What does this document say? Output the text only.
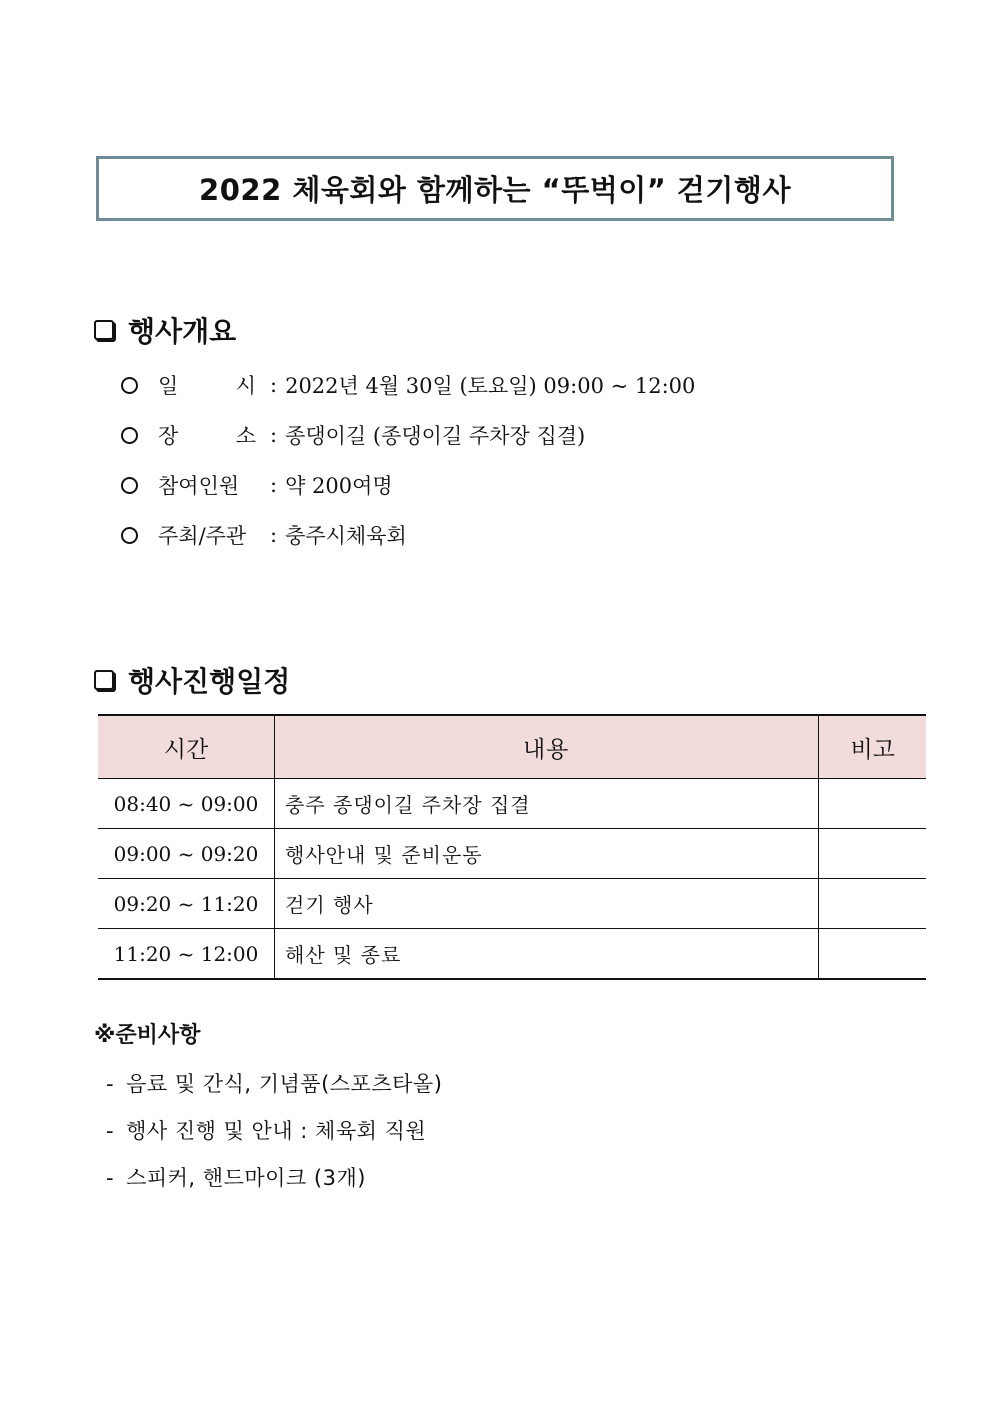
2022 체육회와 함께하는 “뚜벅이” 걷기행사
행사개요
일	시 : 2022년 4월 30일 (토요일) 09:00 ~ 12:00
장	소 : 종댕이길 (종댕이길 주차장 집결)
참여인원	: 약 200여명
주최/주관	: 충주시체육회
행사진행일정
시간	내용	비고
08:40 ~ 09:00	충주 종댕이길 주차장 집결	
09:00 ~ 09:20	행사안내 및 준비운동	
09:20 ~ 11:20	걷기 행사	
11:20 ~ 12:00	해산 및 종료	
※준비사항
- 음료 및 간식, 기념품(스포츠타올)
- 행사 진행 및 안내 : 체육회 직원
- 스피커, 핸드마이크 (3개)
